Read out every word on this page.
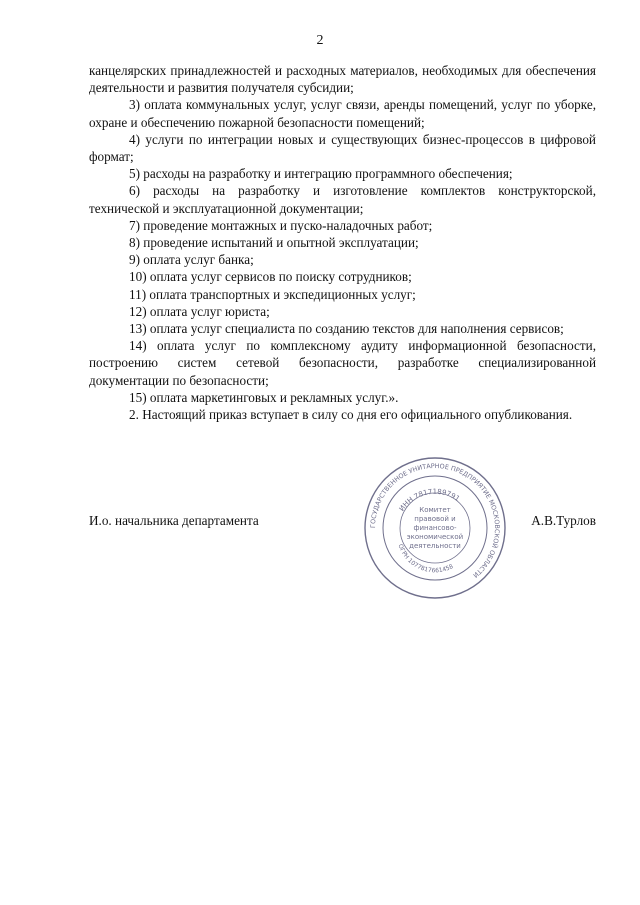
2

канцелярских принадлежностей и расходных материалов, необходимых для обеспечения деятельности и развития получателя субсидии;

3) оплата коммунальных услуг, услуг связи, аренды помещений, услуг по уборке, охране и обеспечению пожарной безопасности помещений;

4) услуги по интеграции новых и существующих бизнес-процессов в цифровой формат;

5) расходы на разработку и интеграцию программного обеспечения;

6) расходы на разработку и изготовление комплектов конструкторской, технической и эксплуатационной документации;

7) проведение монтажных и пуско-наладочных работ;

8) проведение испытаний и опытной эксплуатации;

9) оплата услуг банка;

10) оплата услуг сервисов по поиску сотрудников;

11) оплата транспортных и экспедиционных услуг;

12) оплата услуг юриста;

13) оплата услуг специалиста по созданию текстов для наполнения сервисов;

14) оплата услуг по комплексному аудиту информационной безопасности, построению систем сетевой безопасности, разработке специализированной документации по безопасности;

15) оплата маркетинговых и рекламных услуг.».

2. Настоящий приказ вступает в силу со дня его официального опубликования.

И.о. начальника департамента	А.В.Турлов
ГОСУДАРСТВЕННОЕ УНИТАРНОЕ ПРЕДПРИЯТИЕ МОСКОВСКОЙ ОБЛАСТИ
ИНН 7817189791
ОГРН 1077817661458
Комитет
правовой и
финансово-
экономической
деятельности
